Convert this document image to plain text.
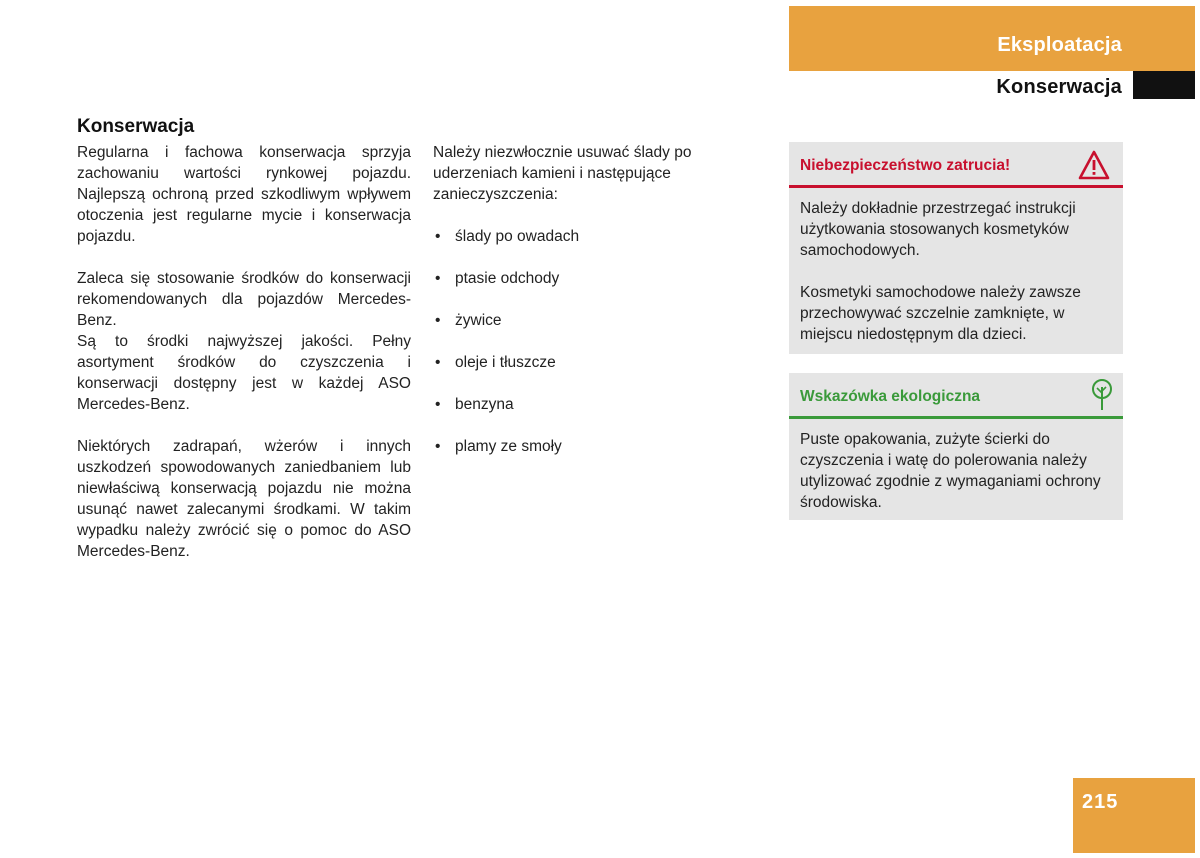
Eksploatacja
Konserwacja
Konserwacja

Regularna i fachowa konserwacja sprzyja zachowaniu wartości rynkowej pojazdu. Najlepszą ochroną przed szkodliwym wpływem otoczenia jest regularne mycie i konserwacja pojazdu.

Zaleca się stosowanie środków do konserwacji rekomendowanych dla pojazdów Mercedes-Benz.

Są to środki najwyższej jakości. Pełny asortyment środków do czyszczenia i konserwacji dostępny jest w każdej ASO Mercedes-Benz.

Niektórych zadrapań, wżerów i innych uszkodzeń spowodowanych zaniedbaniem lub niewłaściwą konserwacją pojazdu nie można usunąć nawet zalecanymi środkami. W takim wypadku należy zwrócić się o pomoc do ASO Mercedes-Benz.

Należy niezwłocznie usuwać ślady po uderzeniach kamieni i następujące zanieczyszczenia:

• ślady po owadach
• ptasie odchody
• żywice
• oleje i tłuszcze
• benzyna
• plamy ze smoły
Niebezpieczeństwo zatrucia!

Należy dokładnie przestrzegać instrukcji użytkowania stosowanych kosmetyków samochodowych.

Kosmetyki samochodowe należy zawsze przechowywać szczelnie zamknięte, w miejscu niedostępnym dla dzieci.

Wskazówka ekologiczna

Puste opakowania, zużyte ścierki do czyszczenia i watę do polerowania należy utylizować zgodnie z wymaganiami ochrony środowiska.

215
